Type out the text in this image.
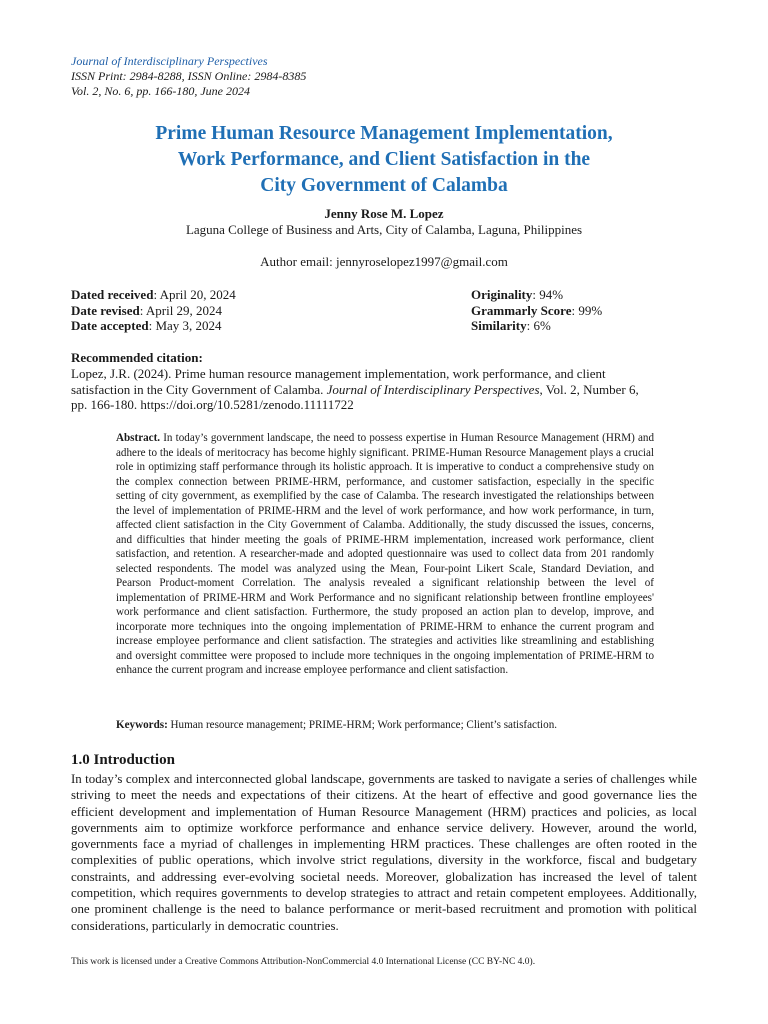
Journal of Interdisciplinary Perspectives
ISSN Print: 2984-8288, ISSN Online: 2984-8385
Vol. 2, No. 6, pp. 166-180, June 2024
Prime Human Resource Management Implementation,
Work Performance, and Client Satisfaction in the
City Government of Calamba
Jenny Rose M. Lopez
Laguna College of Business and Arts, City of Calamba, Laguna, Philippines
Author email: jennyroselopez1997@gmail.com
Dated received: April 20, 2024
Date revised: April 29, 2024
Date accepted: May 3, 2024
Originality: 94%
Grammarly Score: 99%
Similarity: 6%
Recommended citation:
Lopez, J.R. (2024). Prime human resource management implementation, work performance, and client
satisfaction in the City Government of Calamba. Journal of Interdisciplinary Perspectives, Vol. 2, Number 6,
pp. 166-180. https://doi.org/10.5281/zenodo.11111722
Abstract. In today’s government landscape, the need to possess expertise in Human Resource Management (HRM) and adhere to the ideals of meritocracy has become highly significant. PRIME-Human Resource Management plays a crucial role in optimizing staff performance through its holistic approach. It is imperative to conduct a comprehensive study on the complex connection between PRIME-HRM, performance, and customer satisfaction, especially in the specific setting of city government, as exemplified by the case of Calamba. The research investigated the relationships between the level of implementation of PRIME-HRM and the level of work performance, and how work performance, in turn, affected client satisfaction in the City Government of Calamba. Additionally, the study discussed the issues, concerns, and difficulties that hinder meeting the goals of PRIME-HRM implementation, increased work performance, client satisfaction, and retention. A researcher-made and adopted questionnaire was used to collect data from 201 randomly selected respondents. The model was analyzed using the Mean, Four-point Likert Scale, Standard Deviation, and Pearson Product-moment Correlation. The analysis revealed a significant relationship between the level of implementation of PRIME-HRM and Work Performance and no significant relationship between frontline employees' work performance and client satisfaction. Furthermore, the study proposed an action plan to develop, improve, and incorporate more techniques into the ongoing implementation of PRIME-HRM to enhance the current program and increase employee performance and client satisfaction. The strategies and activities like streamlining and establishing and oversight committee were proposed to include more techniques in the ongoing implementation of PRIME-HRM to enhance the current program and increase employee performance and client satisfaction.
Keywords: Human resource management; PRIME-HRM; Work performance; Client’s satisfaction.
1.0 Introduction
In today’s complex and interconnected global landscape, governments are tasked to navigate a series of challenges while striving to meet the needs and expectations of their citizens. At the heart of effective and good governance lies the efficient development and implementation of Human Resource Management (HRM) practices and policies, as local governments aim to optimize workforce performance and enhance service delivery. However, around the world, governments face a myriad of challenges in implementing HRM practices. These challenges are often rooted in the complexities of public operations, which involve strict regulations, diversity in the workforce, fiscal and budgetary constraints, and addressing ever-evolving societal needs. Moreover, globalization has increased the level of talent competition, which requires governments to develop strategies to attract and retain competent employees. Additionally, one prominent challenge is the need to balance performance or merit-based recruitment and promotion with political considerations, particularly in democratic countries.
This work is licensed under a Creative Commons Attribution-NonCommercial 4.0 International License (CC BY-NC 4.0).
